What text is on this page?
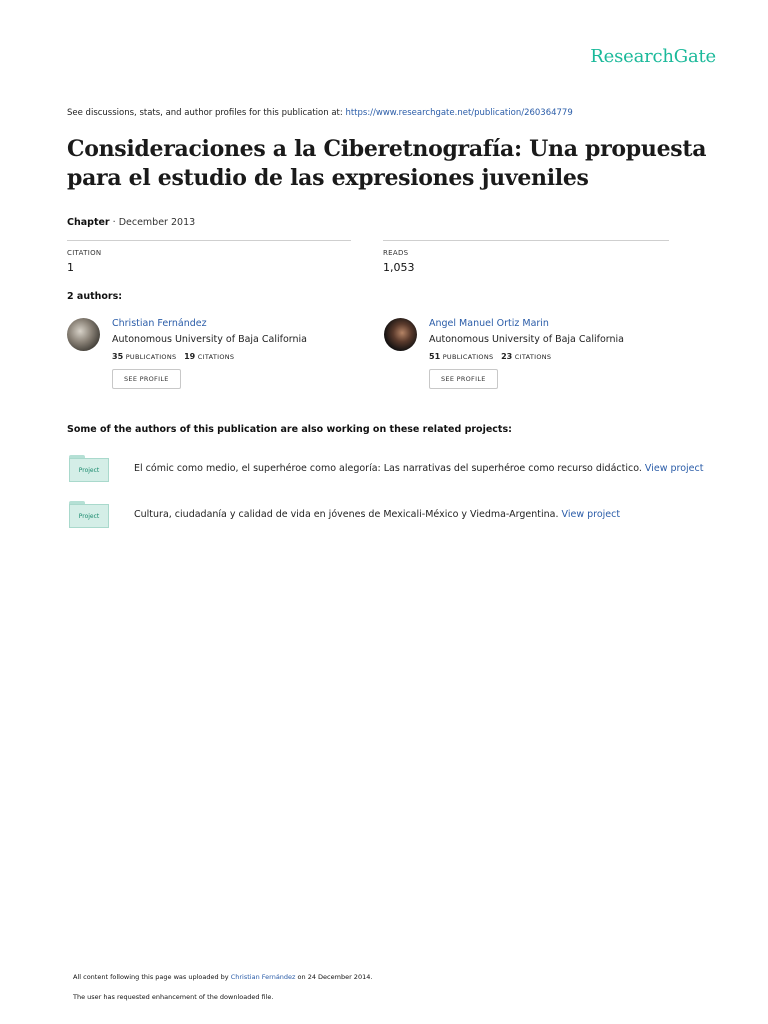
ResearchGate
See discussions, stats, and author profiles for this publication at: https://www.researchgate.net/publication/260364779
Consideraciones a la Ciberetnografía: Una propuesta para el estudio de las expresiones juveniles
Chapter · December 2013
CITATION
1
READS
1,053
2 authors:
Christian Fernández
Autonomous University of Baja California
35 PUBLICATIONS 19 CITATIONS
SEE PROFILE
Angel Manuel Ortiz Marin
Autonomous University of Baja California
51 PUBLICATIONS 23 CITATIONS
SEE PROFILE
Some of the authors of this publication are also working on these related projects:
Project	El cómic como medio, el superhéroe como alegoría: Las narrativas del superhéroe como recurso didáctico. View project
Project	Cultura, ciudadanía y calidad de vida en jóvenes de Mexicali-México y Viedma-Argentina. View project
All content following this page was uploaded by Christian Fernández on 24 December 2014.
The user has requested enhancement of the downloaded file.
